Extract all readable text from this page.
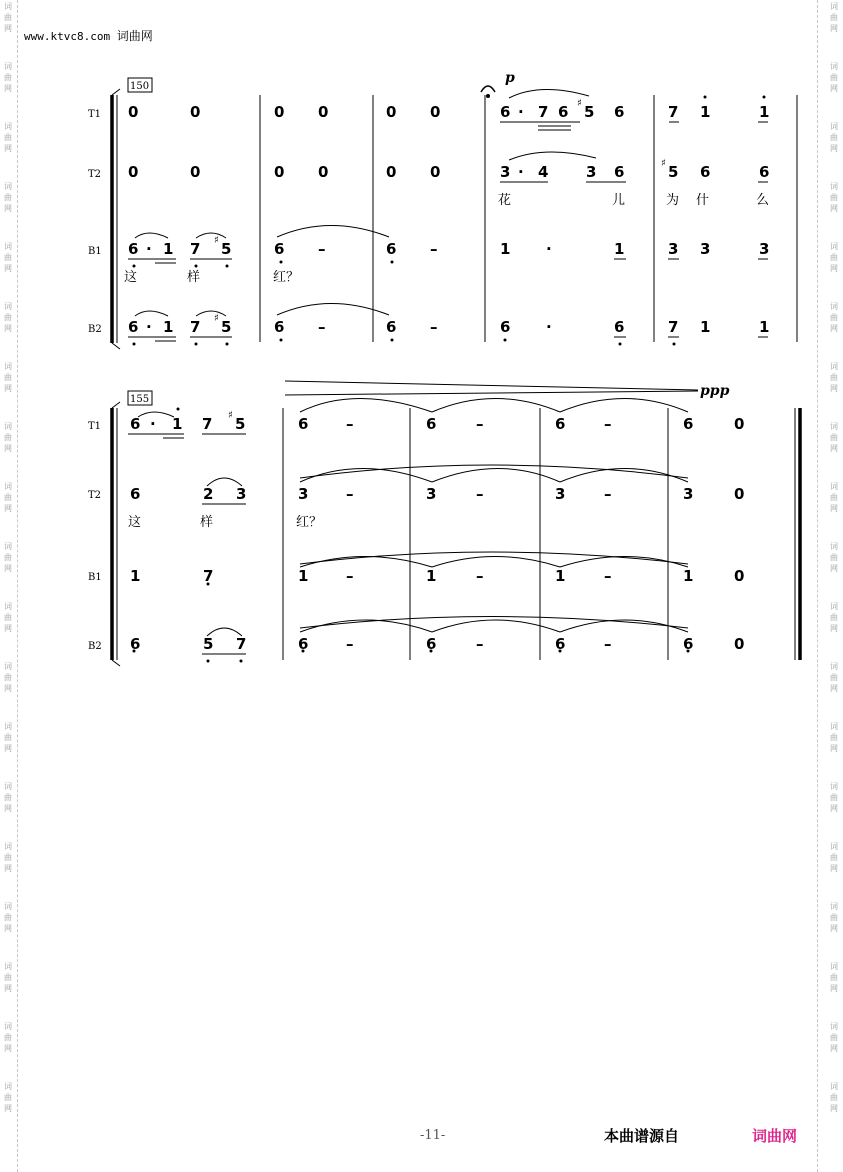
词
曲
网
词
曲
网
词
曲
网
词
曲
网
词
曲
网
词
曲
网
词
曲
网
词
曲
网
词
曲
网
词
曲
网
词
曲
网
词
曲
网
词
曲
网
词
曲
网
词
曲
网
词
曲
网
词
曲
网
词
曲
网
词
曲
网
词
曲
网
词
曲
网
词
曲
网
词
曲
网
词
曲
网
词
曲
网
词
曲
网
词
曲
网
词
曲
网
词
曲
网
词
曲
网
词
曲
网
词
曲
网
词
曲
网
词
曲
网
词
曲
网
词
曲
网
词
曲
网
词
曲
网
www.ktvc8.com 词曲网
150
p
T1
T2
B1
B2
0	0	0 0	0 0	6 · 7 6 ♯ 5 6	7 1	1
0	0	0 0	0 0	3 · 4	3 6	♯ 5 6	6
花	儿	为 什	么
6 · 1 7 ♯ 5	6 –	6 –	1 ·	1	3 3	3
这	样	红？
6 · 1 7 ♯ 5	6 –	6 –	6 ·	6	7 1	1
155
ppp
T1
T2
B1
B2
6 · 1 7 ♯ 5	6	–	6	–	6	–	6	0
6	2 3	3	–	3	–	3	–	3	0
这	样	红？
1	7	1	–	1	–	1	–	1	0
6	5 7	6	–	6	–	6	–	6	0
-11-	本曲谱源自	词曲网
